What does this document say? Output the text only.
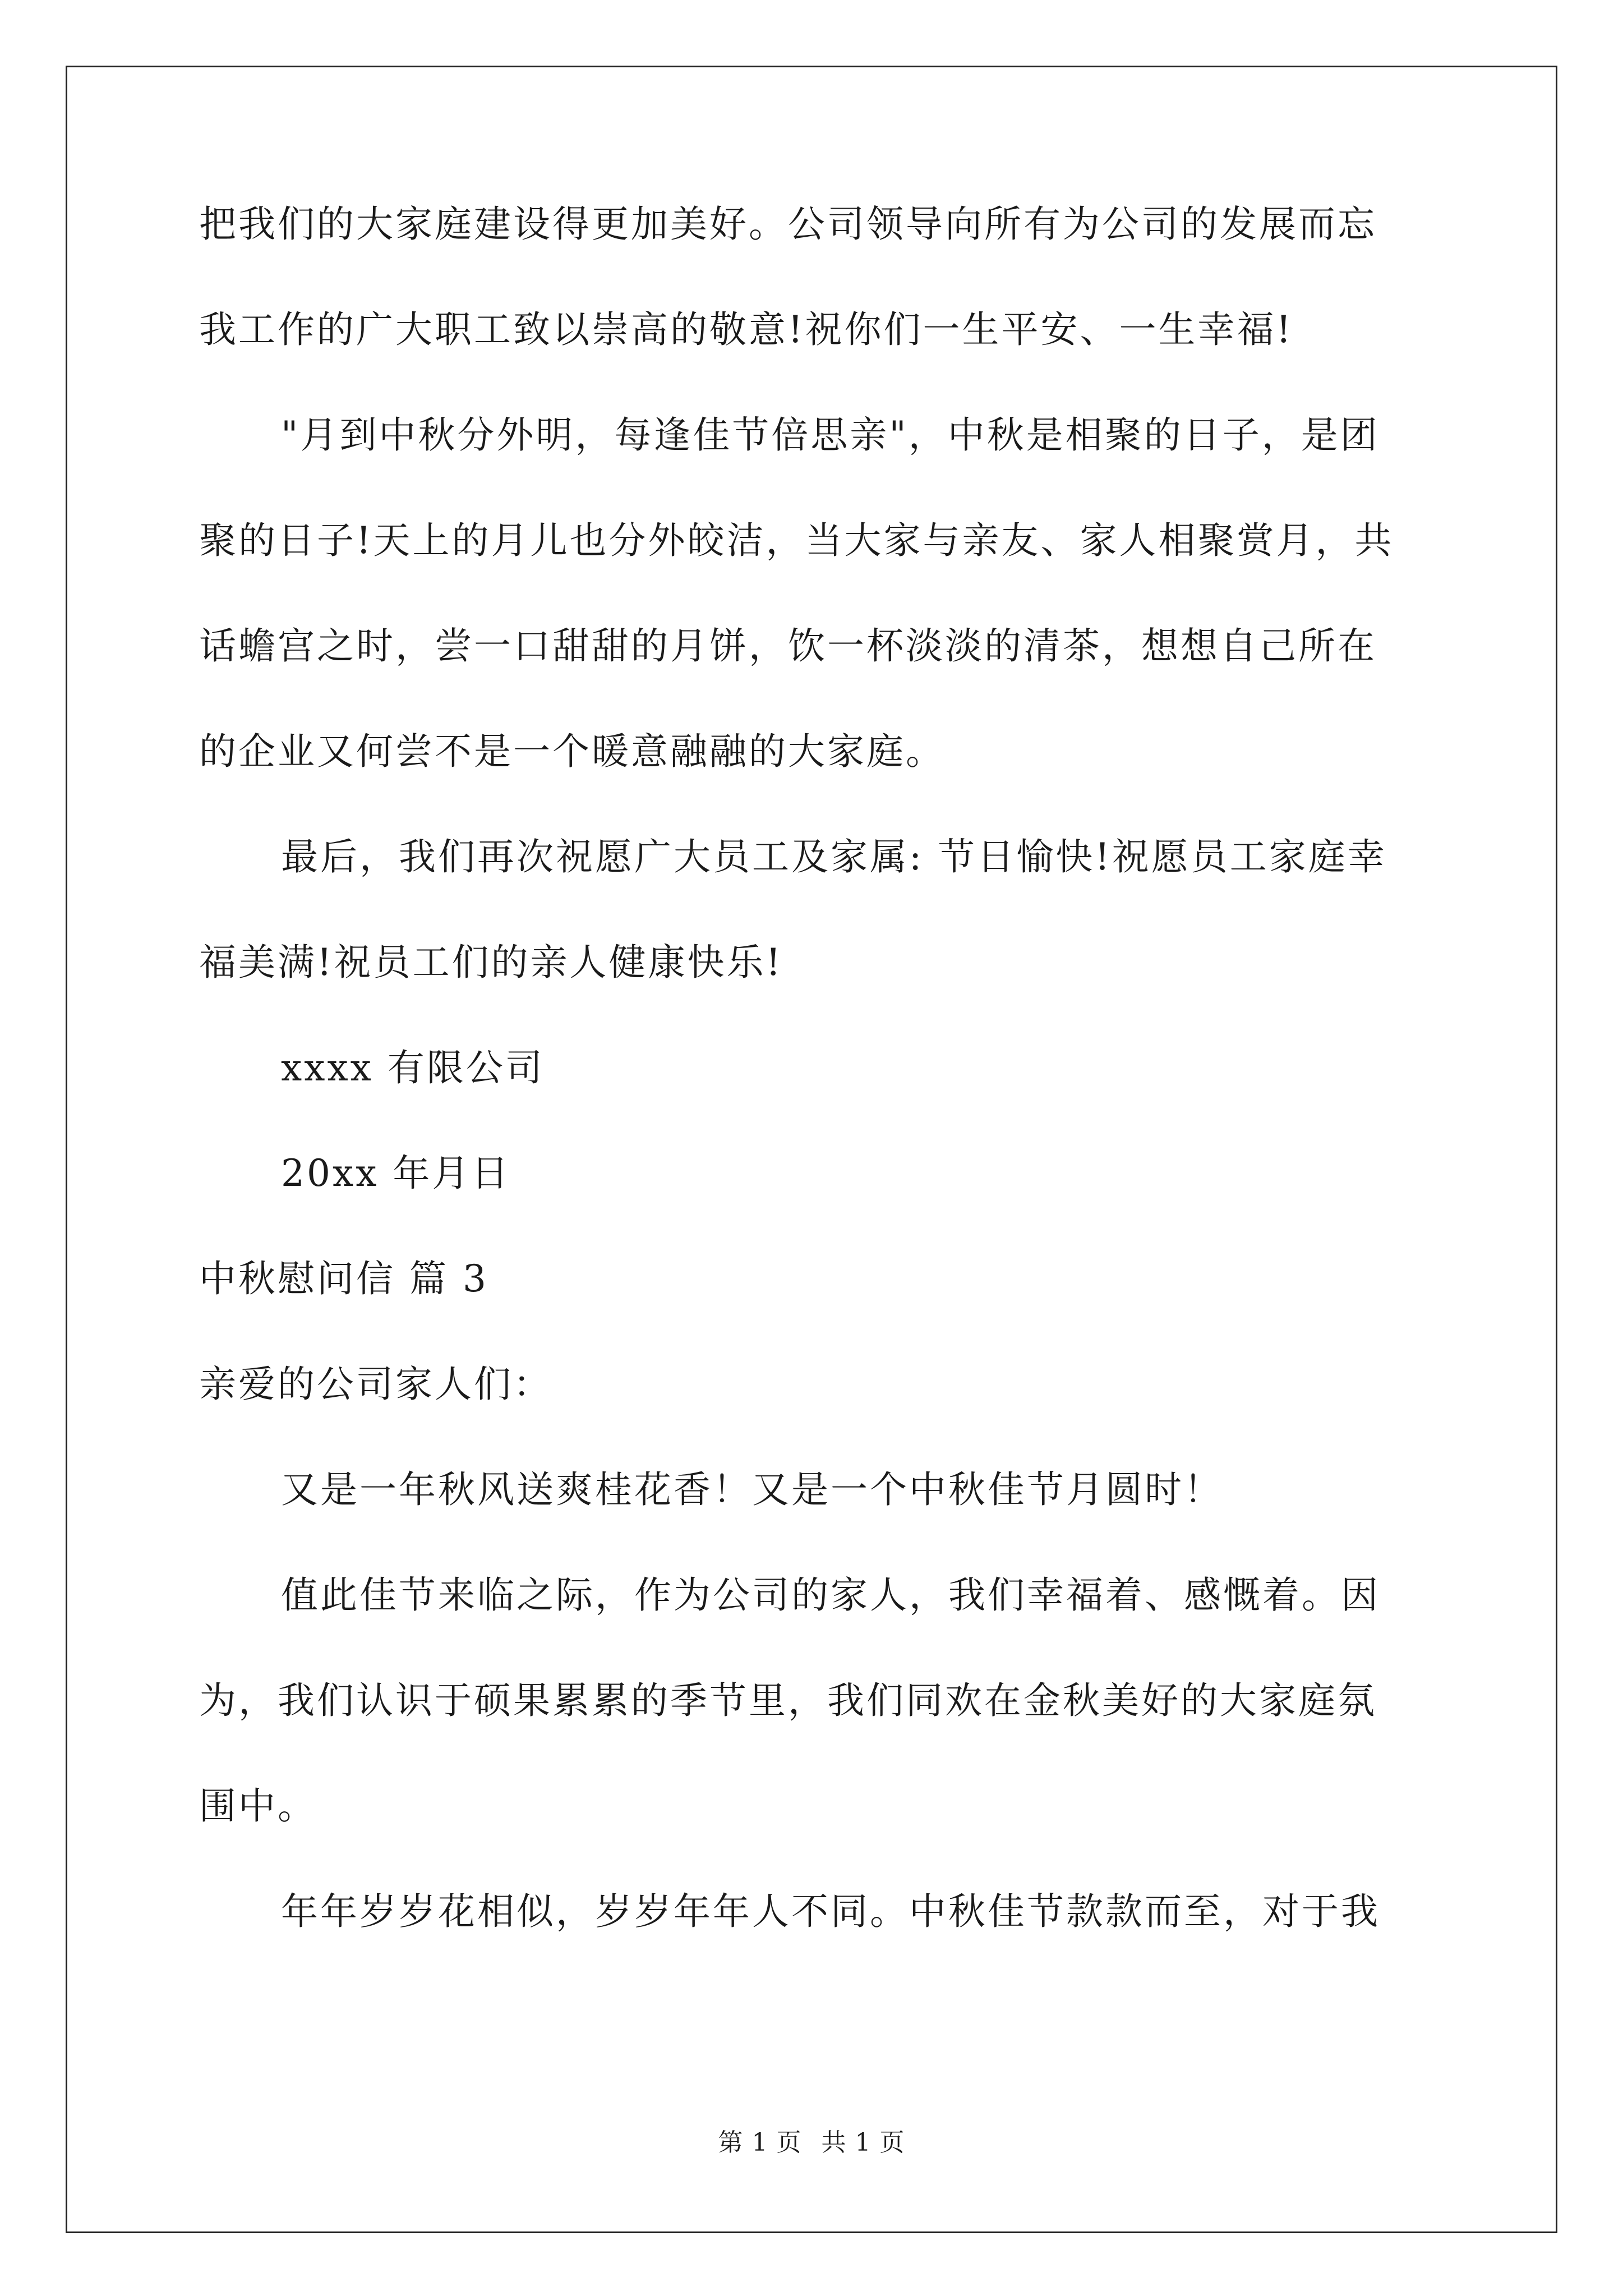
把我们的大家庭建设得更加美好。公司领导向所有为公司的发展而忘
我工作的广大职工致以崇高的敬意!祝你们一生平安、一生幸福!
"月到中秋分外明，每逢佳节倍思亲"，中秋是相聚的日子，是团
聚的日子!天上的月儿也分外皎洁，当大家与亲友、家人相聚赏月，共
话蟾宫之时，尝一口甜甜的月饼，饮一杯淡淡的清茶，想想自己所在
的企业又何尝不是一个暖意融融的大家庭。
最后，我们再次祝愿广大员工及家属: 节日愉快!祝愿员工家庭幸
福美满!祝员工们的亲人健康快乐!
xxxx 有限公司
20xx 年月日
中秋慰问信 篇 3
亲爱的公司家人们：
又是一年秋风送爽桂花香！又是一个中秋佳节月圆时！
值此佳节来临之际，作为公司的家人，我们幸福着、感慨着。因
为，我们认识于硕果累累的季节里，我们同欢在金秋美好的大家庭氛
围中。
年年岁岁花相似，岁岁年年人不同。中秋佳节款款而至，对于我
第 1 页 共 1 页
